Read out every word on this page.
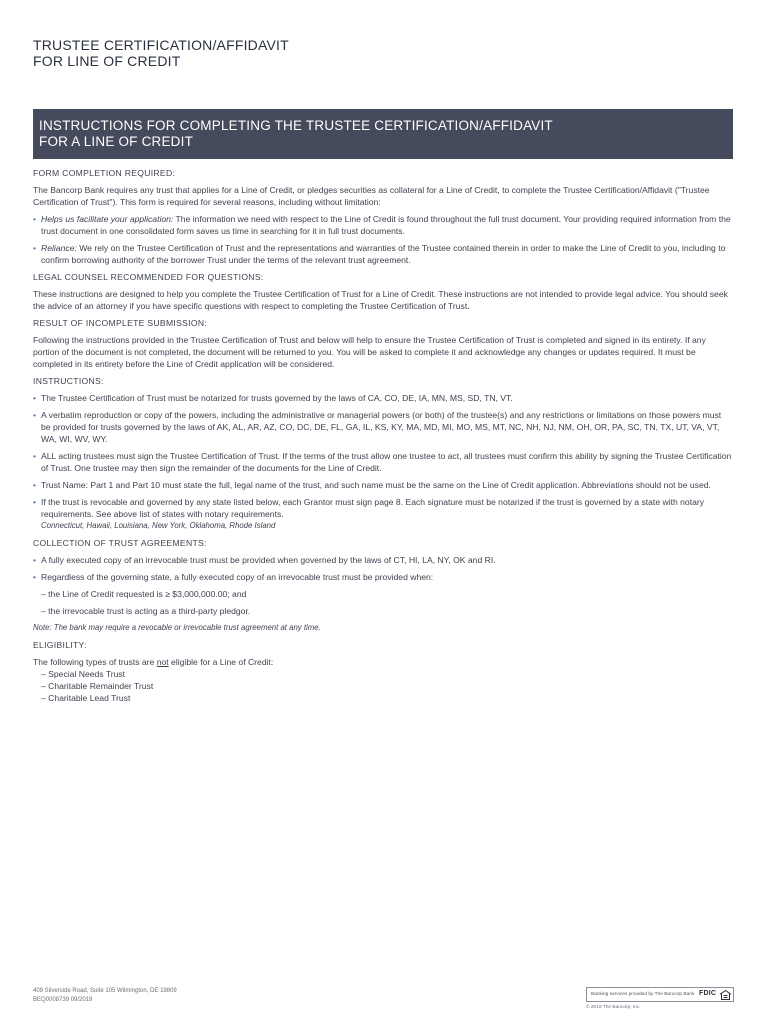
TRUSTEE CERTIFICATION/AFFIDAVIT
FOR LINE OF CREDIT
INSTRUCTIONS FOR COMPLETING THE TRUSTEE CERTIFICATION/AFFIDAVIT
FOR A LINE OF CREDIT

FORM COMPLETION REQUIRED:

The Bancorp Bank requires any trust that applies for a Line of Credit, or pledges securities as collateral for a Line of Credit, to complete the Trustee Certification/Affidavit ("Trustee Certification of Trust"). This form is required for several reasons, including without limitation:

• Helps us facilitate your application: The information we need with respect to the Line of Credit is found throughout the full trust document. Your providing required information from the trust document in one consolidated form saves us time in searching for it in full trust documents.

• Reliance: We rely on the Trustee Certification of Trust and the representations and warranties of the Trustee contained therein in order to make the Line of Credit to you, including to confirm borrowing authority of the borrower Trust under the terms of the relevant trust agreement.

LEGAL COUNSEL RECOMMENDED FOR QUESTIONS:

These instructions are designed to help you complete the Trustee Certification of Trust for a Line of Credit. These instructions are not intended to provide legal advice. You should seek the advice of an attorney if you have specific questions with respect to completing the Trustee Certification of Trust.

RESULT OF INCOMPLETE SUBMISSION:

Following the instructions provided in the Trustee Certification of Trust and below will help to ensure the Trustee Certification of Trust is completed and signed in its entirety. If any portion of the document is not completed, the document will be returned to you. You will be asked to complete it and acknowledge any changes or updates required. It must be completed in its entirety before the Line of Credit application will be considered.

INSTRUCTIONS:

• The Trustee Certification of Trust must be notarized for trusts governed by the laws of CA, CO, DE, IA, MN, MS, SD, TN, VT.

• A verbatim reproduction or copy of the powers, including the administrative or managerial powers (or both) of the trustee(s) and any restrictions or limitations on those powers must be provided for trusts governed by the laws of AK, AL, AR, AZ, CO, DC, DE, FL, GA, IL, KS, KY, MA, MD, MI, MO, MS, MT, NC, NH, NJ, NM, OH, OR, PA, SC, TN, TX, UT, VA, VT, WA, WI, WV, WY.

• ALL acting trustees must sign the Trustee Certification of Trust. If the terms of the trust allow one trustee to act, all trustees must confirm this ability by signing the Trustee Certification of Trust. One trustee may then sign the remainder of the documents for the Line of Credit.

• Trust Name: Part 1 and Part 10 must state the full, legal name of the trust, and such name must be the same on the Line of Credit application. Abbreviations should not be used.

• If the trust is revocable and governed by any state listed below, each Grantor must sign page 8. Each signature must be notarized if the trust is governed by a state with notary requirements. See above list of states with notary requirements.

Connecticut, Hawaii, Louisiana, New York, Oklahoma, Rhode Island

COLLECTION OF TRUST AGREEMENTS:

• A fully executed copy of an irrevocable trust must be provided when governed by the laws of CT, HI, LA, NY, OK and RI.

• Regardless of the governing state, a fully executed copy of an irrevocable trust must be provided when:

– the Line of Credit requested is ≥ $3,000,000.00; and

– the irrevocable trust is acting as a third-party pledgor.

Note: The bank may require a revocable or irrevocable trust agreement at any time.

ELIGIBILITY:

The following types of trusts are not eligible for a Line of Credit:

– Special Needs Trust

– Charitable Remainder Trust

– Charitable Lead Trust

409 Silverside Road, Suite 105 Wilmington, DE 19809
BEQ0008739 09/2019
Banking services provided by The Bancorp Bank FDIC
© 2019 The Bancorp, Inc.
